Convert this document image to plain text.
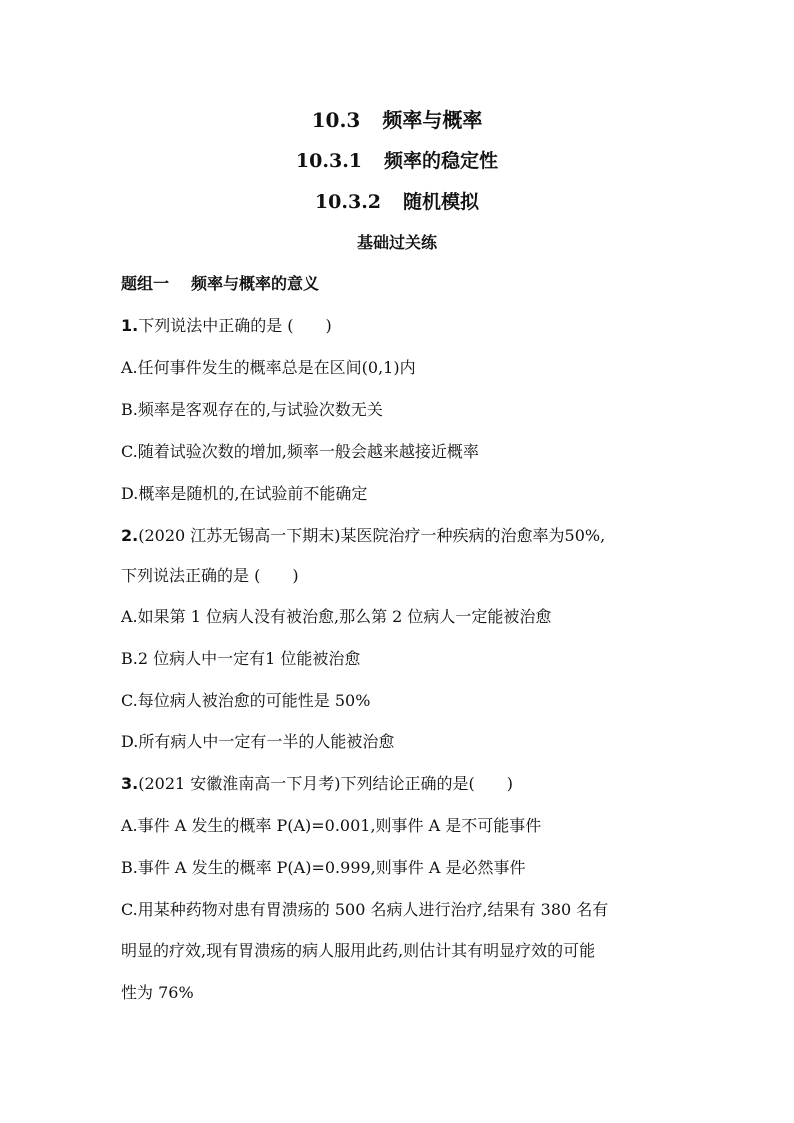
10.3 频率与概率
10.3.1 频率的稳定性
10.3.2 随机模拟
基础过关练
题组一 频率与概率的意义
1.下列说法中正确的是 (　　)
A.任何事件发生的概率总是在区间(0,1)内
B.频率是客观存在的,与试验次数无关
C.随着试验次数的增加,频率一般会越来越接近概率
D.概率是随机的,在试验前不能确定
2.(2020 江苏无锡高一下期末)某医院治疗一种疾病的治愈率为50%,
下列说法正确的是 (　　)
A.如果第 1 位病人没有被治愈,那么第 2 位病人一定能被治愈
B.2 位病人中一定有1 位能被治愈
C.每位病人被治愈的可能性是 50%
D.所有病人中一定有一半的人能被治愈
3.(2021 安徽淮南高一下月考)下列结论正确的是(　　)
A.事件 A 发生的概率 P(A)=0.001,则事件 A 是不可能事件
B.事件 A 发生的概率 P(A)=0.999,则事件 A 是必然事件
C.用某种药物对患有胃溃疡的 500 名病人进行治疗,结果有 380 名有
明显的疗效,现有胃溃疡的病人服用此药,则估计其有明显疗效的可能
性为 76%
